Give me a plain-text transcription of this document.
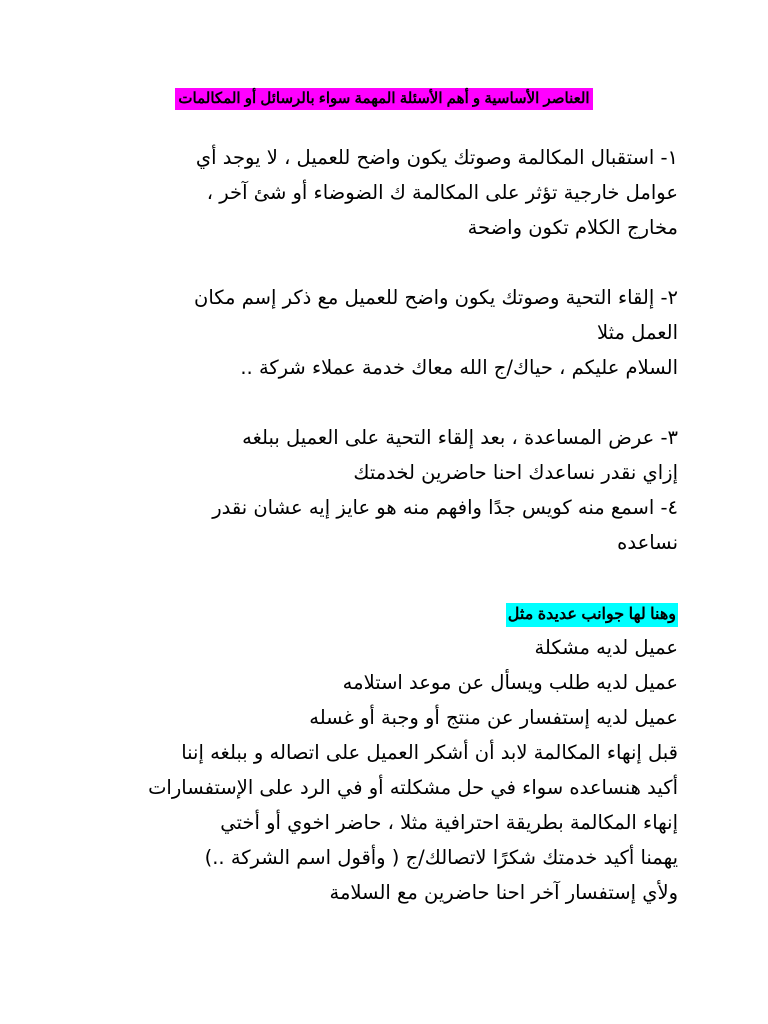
العناصر الأساسية و أهم الأسئلة المهمة سواء بالرسائل أو المكالمات
١- استقبال المكالمة وصوتك يكون واضح للعميل ، لا يوجد أي
عوامل خارجية تؤثر على المكالمة ك الضوضاء أو شئ آخر ،
مخارج الكلام تكون واضحة
٢- إلقاء التحية وصوتك يكون واضح للعميل مع ذكر إسم مكان
العمل مثلا
السلام عليكم ، حياك/ج الله معاك خدمة عملاء شركة ..
٣- عرض المساعدة ، بعد إلقاء التحية على العميل ببلغه
إزاي نقدر نساعدك احنا حاضرين لخدمتك
٤- اسمع منه كويس جدًا وافهم منه هو عايز إيه عشان نقدر
نساعده
وهنا لها جوانب عديدة مثل
عميل لديه مشكلة
عميل لديه طلب ويسأل عن موعد استلامه
عميل لديه إستفسار عن منتج أو وجبة أو غسله
قبل إنهاء المكالمة لابد أن أشكر العميل على اتصاله و ببلغه إننا
أكيد هنساعده سواء في حل مشكلته أو في الرد على الإستفسارات
إنهاء المكالمة بطريقة احترافية مثلا ، حاضر اخوي أو أختي
يهمنا أكيد خدمتك شكرًا لاتصالك/ج ( وأقول اسم الشركة ..)
ولأي إستفسار آخر احنا حاضرين مع السلامة
